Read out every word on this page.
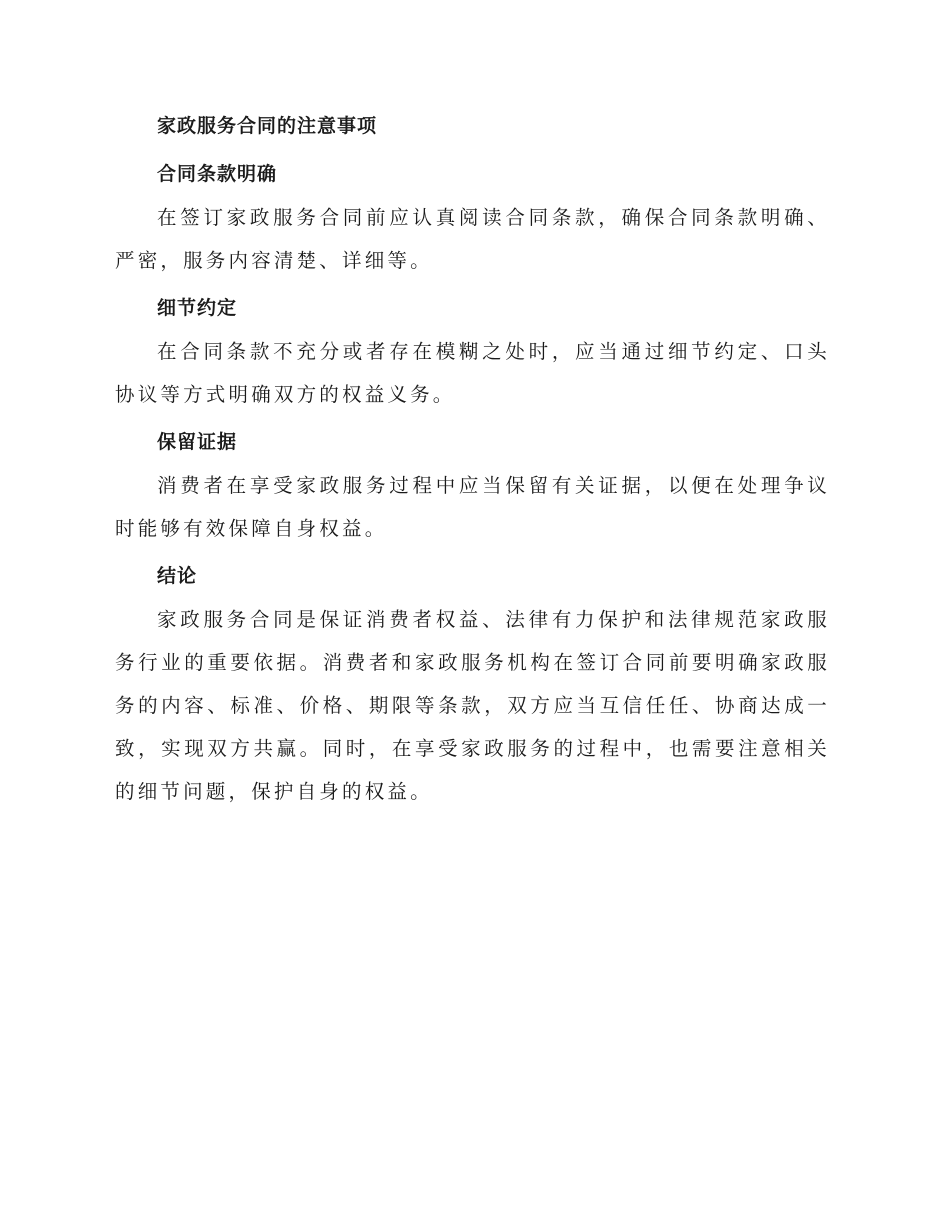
家政服务合同的注意事项
合同条款明确

在签订家政服务合同前应认真阅读合同条款，确保合同条款明确、严密，服务内容清楚、详细等。

细节约定

在合同条款不充分或者存在模糊之处时，应当通过细节约定、口头协议等方式明确双方的权益义务。

保留证据

消费者在享受家政服务过程中应当保留有关证据，以便在处理争议时能够有效保障自身权益。

结论

家政服务合同是保证消费者权益、法律有力保护和法律规范家政服务行业的重要依据。消费者和家政服务机构在签订合同前要明确家政服务的内容、标准、价格、期限等条款，双方应当互信任任、协商达成一致，实现双方共赢。同时，在享受家政服务的过程中，也需要注意相关的细节问题，保护自身的权益。
